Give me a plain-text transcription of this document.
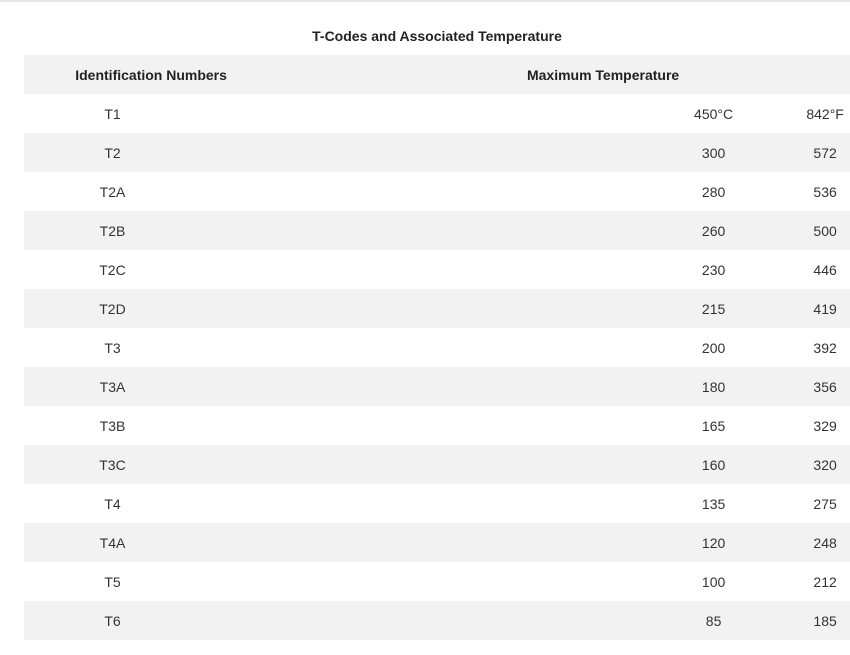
T-Codes and Associated Temperature
Identification Numbers	Maximum Temperature
T1	450°C	842°F
T2	300	572
T2A	280	536
T2B	260	500
T2C	230	446
T2D	215	419
T3	200	392
T3A	180	356
T3B	165	329
T3C	160	320
T4	135	275
T4A	120	248
T5	100	212
T6	85	185
